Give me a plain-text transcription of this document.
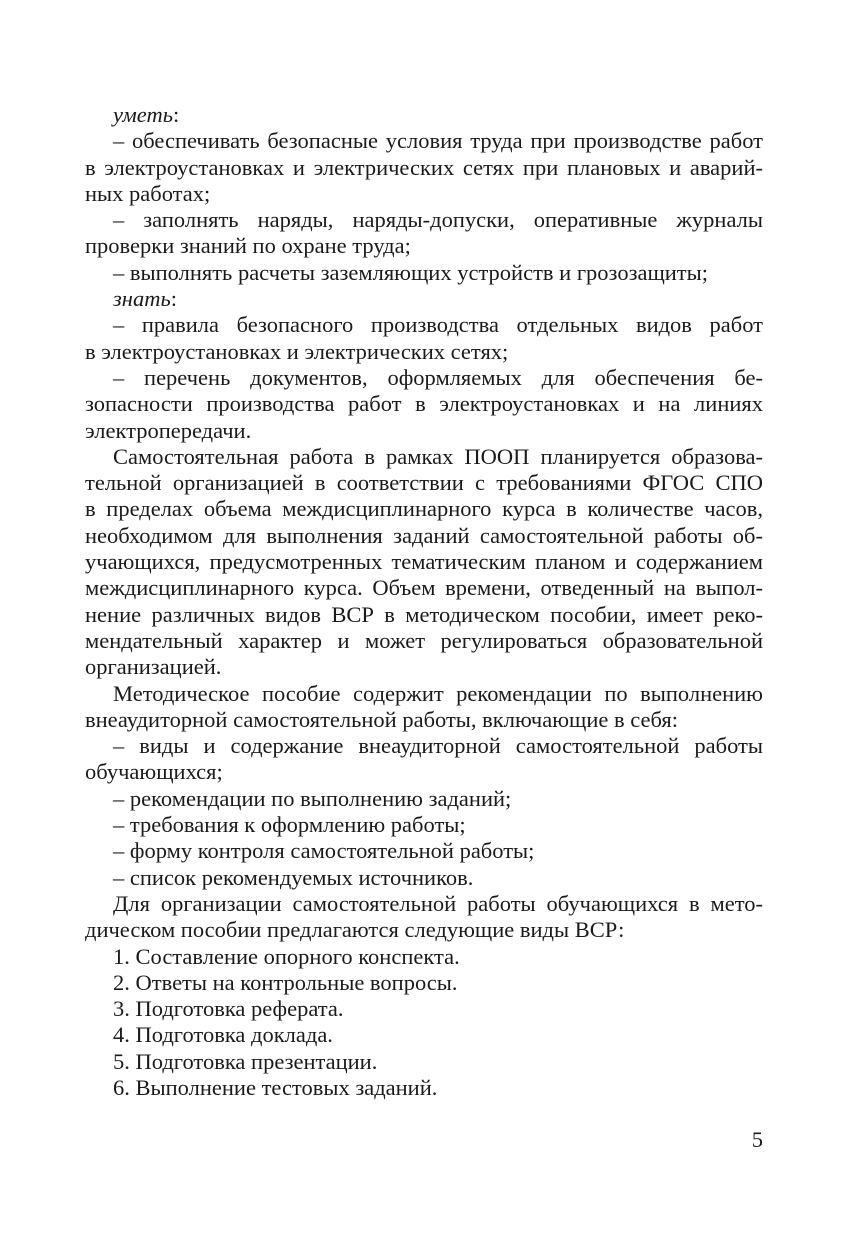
уметь:
– обеспечивать безопасные условия труда при производстве работ
в электроустановках и электрических сетях при плановых и аварий-
ных работах;
– заполнять наряды, наряды-допуски, оперативные журналы
проверки знаний по охране труда;
– выполнять расчеты заземляющих устройств и грозозащиты;
знать:
– правила безопасного производства отдельных видов работ
в электроустановках и электрических сетях;
– перечень документов, оформляемых для обеспечения бе-
зопасности производства работ в электроустановках и на линиях
электропередачи.
Самостоятельная работа в рамках ПООП планируется образова-
тельной организацией в соответствии с требованиями ФГОС СПО
в пределах объема междисциплинарного курса в количестве часов,
необходимом для выполнения заданий самостоятельной работы об-
учающихся, предусмотренных тематическим планом и содержанием
междисциплинарного курса. Объем времени, отведенный на выпол-
нение различных видов ВСР в методическом пособии, имеет реко-
мендательный характер и может регулироваться образовательной
организацией.
Методическое пособие содержит рекомендации по выполнению
внеаудиторной самостоятельной работы, включающие в себя:
– виды и содержание внеаудиторной самостоятельной работы
обучающихся;
– рекомендации по выполнению заданий;
– требования к оформлению работы;
– форму контроля самостоятельной работы;
– список рекомендуемых источников.
Для организации самостоятельной работы обучающихся в мето-
дическом пособии предлагаются следующие виды ВСР:
1. Составление опорного конспекта.
2. Ответы на контрольные вопросы.
3. Подготовка реферата.
4. Подготовка доклада.
5. Подготовка презентации.
6. Выполнение тестовых заданий.
5
